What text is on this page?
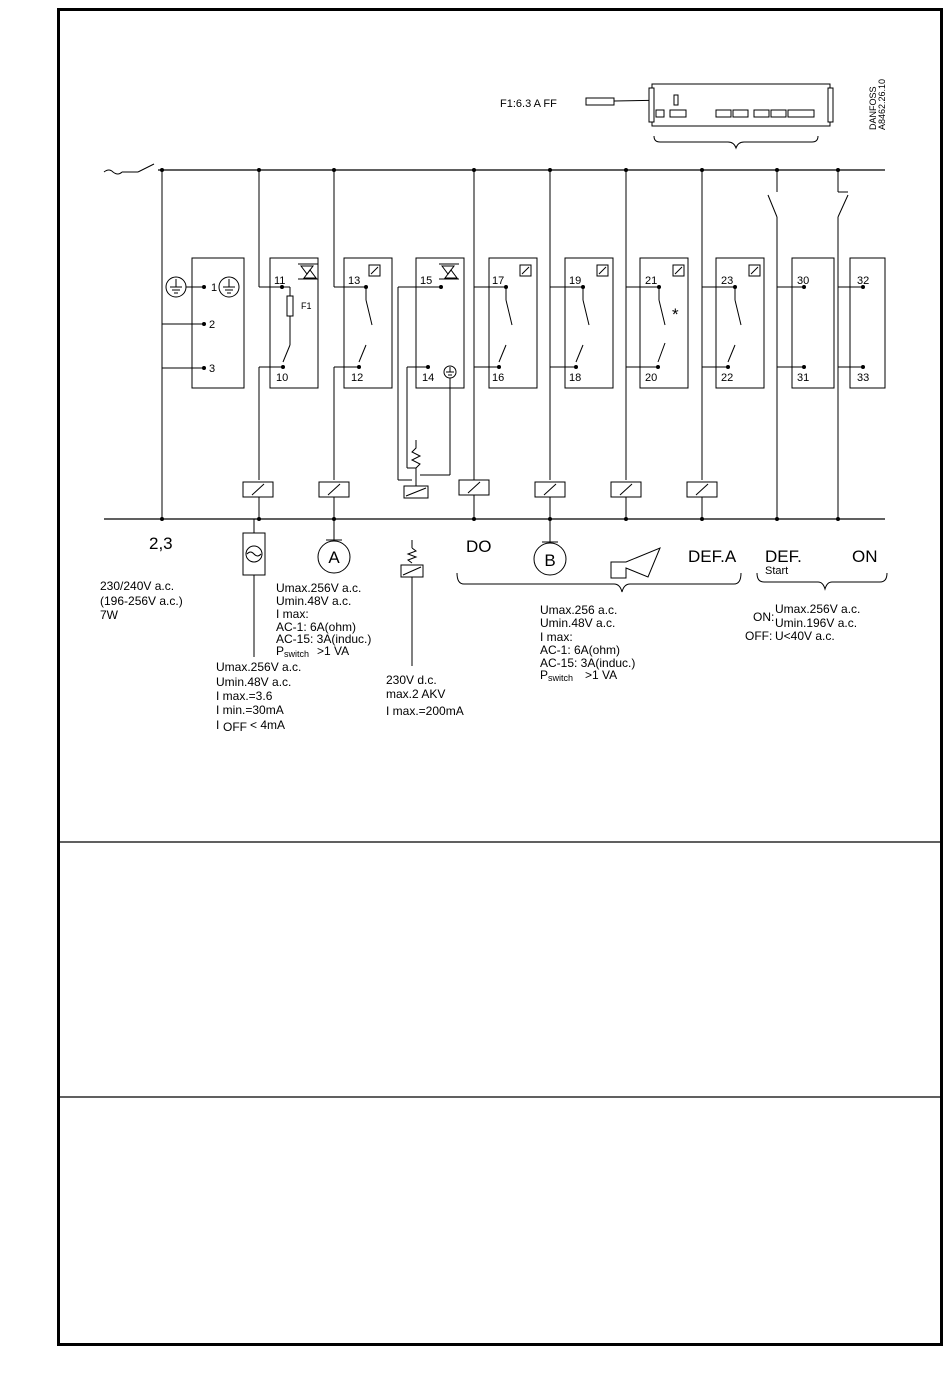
F1:6.3 A FF	DANFOSS A8462.26.10
1
2
3
11
F1
10
13
12
15
14
17
16
19
18
21
*
20
23
22
30
31
32
33
2,3
A
DO
B	DEF.A DEF.
Start
ON
230/240V a.c.
(196-256V a.c.)
7W
Umax.256V a.c.
Umin.48V a.c.
I max:
AC-1: 6A(ohm)
AC-15: 3A(induc.)
P switch >1 VA
Umax.256V a.c.
Umin.48V a.c.
I max.=3.6
I min.=30mA
I OFF < 4mA
230V d.c.
max.2 AKV
I max.=200mA
Umax.256 a.c.
Umin.48V a.c.
I max:
AC-1: 6A(ohm)
AC-15: 3A(induc.)
P switch >1 VA
ON:
Umax.256V a.c.
Umin.196V a.c.
OFF: U<40V a.c.
